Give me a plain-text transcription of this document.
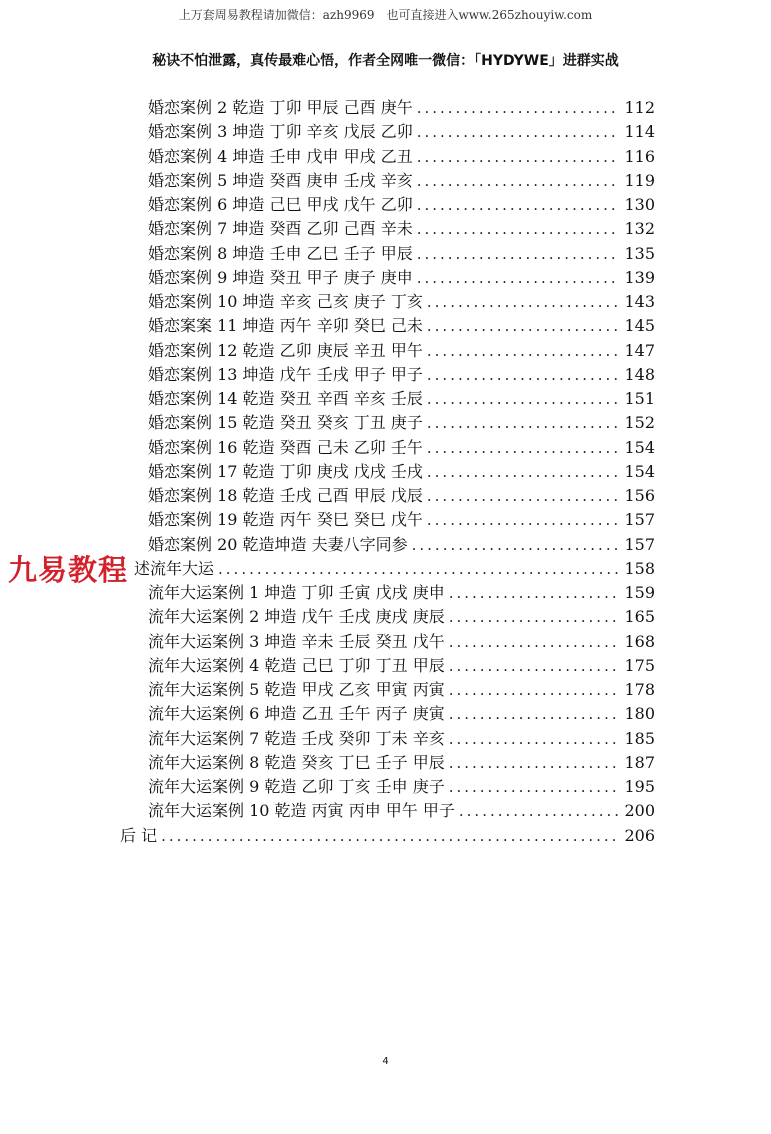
上万套周易教程请加微信：azh9969　也可直接进入www.265zhouyiw.com
秘诀不怕泄露，真传最难心悟，作者全网唯一微信：「HYDYWE」进群实战
婚恋案例 2 乾造 丁卯 甲辰 己酉 庚午 .....	112
婚恋案例 3 坤造 丁卯 辛亥 戊辰 乙卯 .....	114
婚恋案例 4 坤造 壬申 戊申 甲戌 乙丑 .....	116
婚恋案例 5 坤造 癸酉 庚申 壬戌 辛亥 .....	119
婚恋案例 6 坤造 己巳 甲戌 戊午 乙卯 .....	130
婚恋案例 7 坤造 癸酉 乙卯 己酉 辛未 .....	132
婚恋案例 8 坤造 壬申 乙巳 壬子 甲辰 .....	135
婚恋案例 9 坤造 癸丑 甲子 庚子 庚申 .....	139
婚恋案例 10 坤造 辛亥 己亥 庚子 丁亥 .....	143
婚恋案案 11 坤造 丙午 辛卯 癸巳 己未 .....	145
婚恋案例 12 乾造 乙卯 庚辰 辛丑 甲午 .....	147
婚恋案例 13 坤造 戊午 壬戌 甲子 甲子 .....	148
婚恋案例 14 乾造 癸丑 辛酉 辛亥 壬辰 .....	151
婚恋案例 15 乾造 癸丑 癸亥 丁丑 庚子 .....	152
婚恋案例 16 乾造 癸酉 己未 乙卯 壬午 .....	154
婚恋案例 17 乾造 丁卯 庚戌 戊戌 壬戌 .....	154
婚恋案例 18 乾造 壬戌 己酉 甲辰 戊辰 .....	156
婚恋案例 19 乾造 丙午 癸巳 癸巳 戊午 .....	157
婚恋案例 20 乾造坤造 夫妻八字同参 .....	157
述流年大运 .....	158
流年大运案例 1 坤造 丁卯 壬寅 戊戌 庚申 .....	159
流年大运案例 2 坤造 戊午 壬戌 庚戌 庚辰 .....	165
流年大运案例 3 坤造 辛未 壬辰 癸丑 戊午 .....	168
流年大运案例 4 乾造 己巳 丁卯 丁丑 甲辰 .....	175
流年大运案例 5 乾造 甲戌 乙亥 甲寅 丙寅 .....	178
流年大运案例 6 坤造 乙丑 壬午 丙子 庚寅 .....	180
流年大运案例 7 乾造 壬戌 癸卯 丁未 辛亥 .....	185
流年大运案例 8 乾造 癸亥 丁巳 壬子 甲辰 .....	187
流年大运案例 9 乾造 乙卯 丁亥 壬申 庚子 .....	195
流年大运案例 10 乾造 丙寅 丙申 甲午 甲子 .....	200
后 记 .....	206
九易教程
4
